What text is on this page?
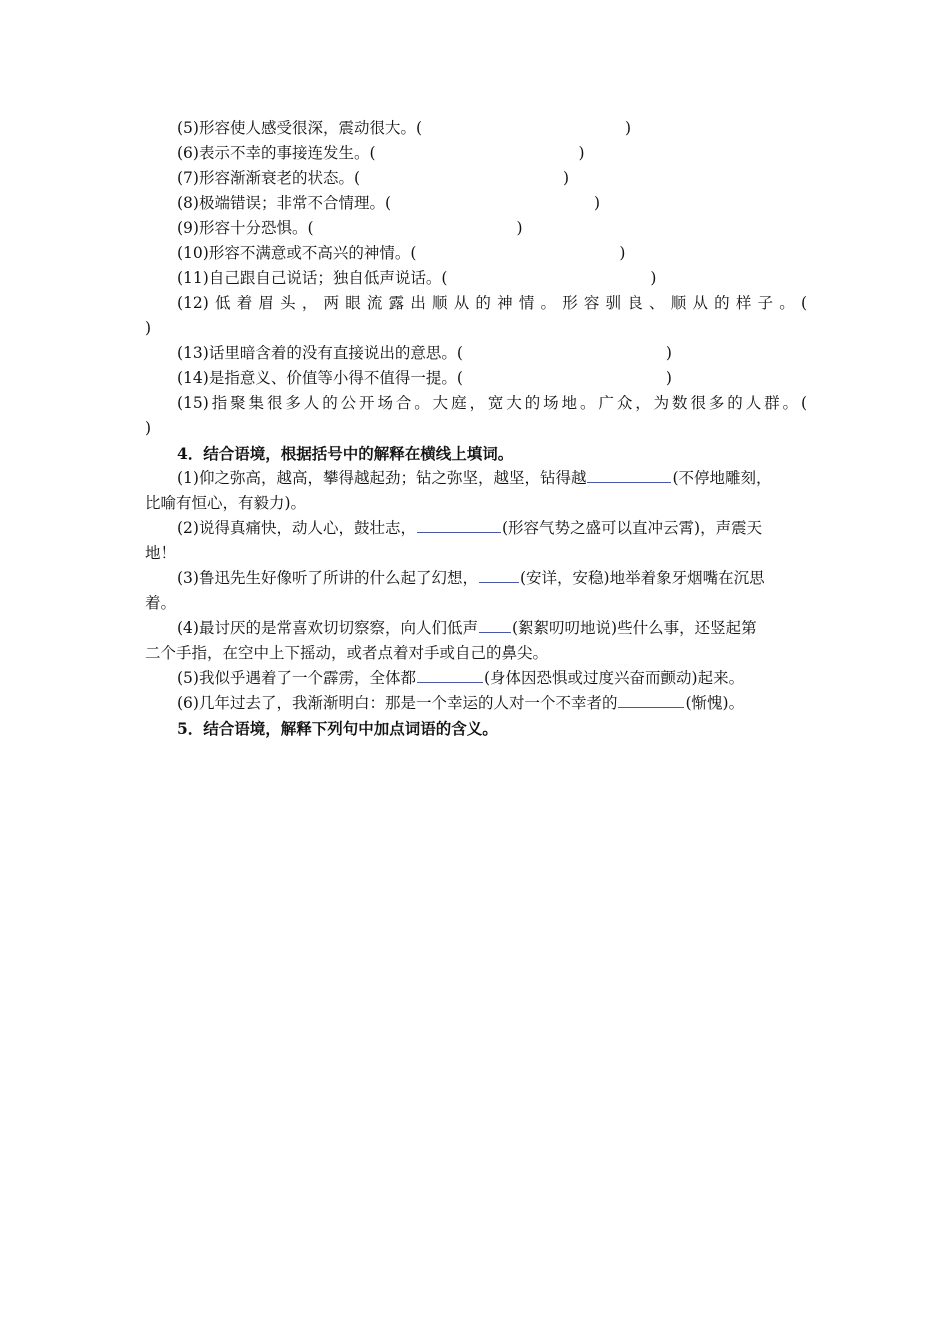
(5)形容使人感受很深，震动很大。(	)
(6)表示不幸的事接连发生。(	)
(7)形容渐渐衰老的状态。(	)
(8)极端错误；非常不合情理。(	)
(9)形容十分恐惧。(	)
(10)形容不满意或不高兴的神情。(	)
(11)自己跟自己说话；独自低声说话。(	)
(12)低着眉头，两眼流露出顺从的神情。形容驯良、顺从的样子。(
)
(13)话里暗含着的没有直接说出的意思。(	)
(14)是指意义、价值等小得不值得一提。(	)
(15)指聚集很多人的公开场合。大庭，宽大的场地。广众，为数很多的人群。(
)
4．结合语境，根据括号中的解释在横线上填词。
(1)仰之弥高，越高，攀得越起劲；钻之弥坚，越坚，钻得越	(不停地雕刻，
比喻有恒心，有毅力)。
(2)说得真痛快，动人心，鼓壮志，	(形容气势之盛可以直冲云霄)，声震天
地！
(3)鲁迅先生好像听了所讲的什么起了幻想，	(安详，安稳)地举着象牙烟嘴在沉思
着。
(4)最讨厌的是常喜欢切切察察，向人们低声 (絮絮叨叨地说)些什么事，还竖起第
二个手指，在空中上下摇动，或者点着对手或自己的鼻尖。
(5)我似乎遇着了一个霹雳，全体都	(身体因恐惧或过度兴奋而颤动)起来。
(6)几年过去了，我渐渐明白：那是一个幸运的人对一个不幸者的	(惭愧)。
5．结合语境，解释下列句中加点词语的含义。
